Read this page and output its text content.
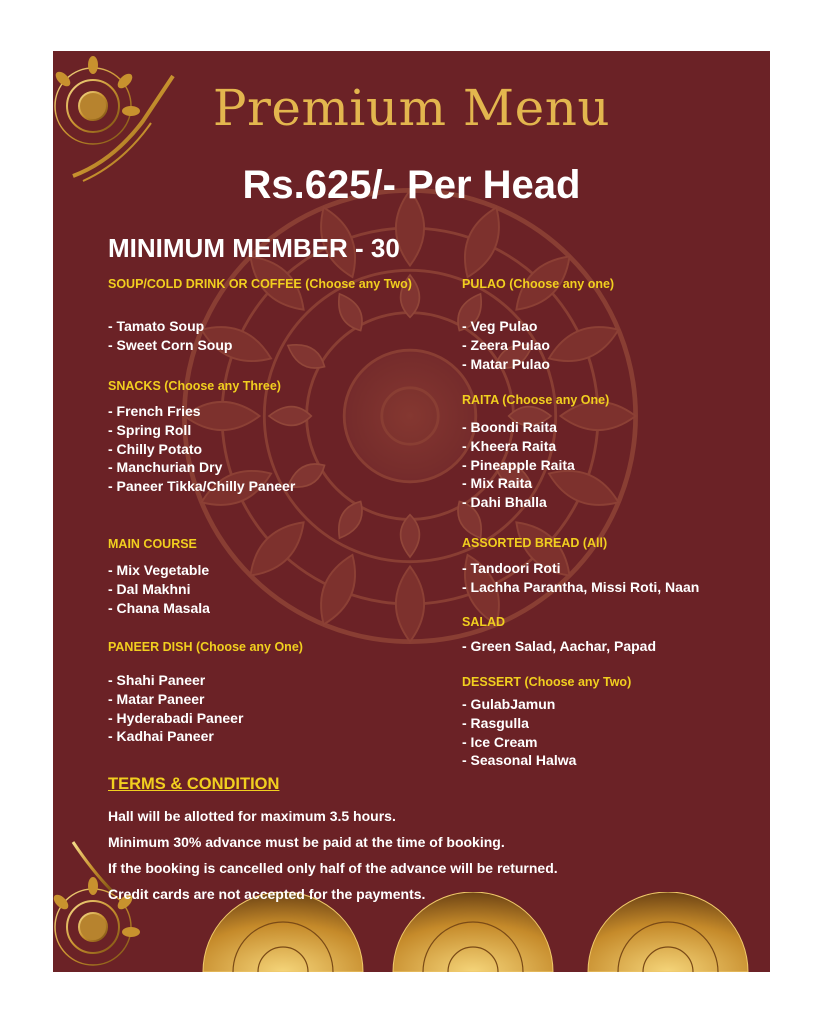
Premium Menu
Rs.625/- Per Head
MINIMUM MEMBER - 30
SOUP/COLD DRINK OR COFFEE (Choose any Two)
- Tamato Soup
- Sweet Corn Soup
SNACKS (Choose any Three)
- French Fries
- Spring Roll
- Chilly Potato
- Manchurian Dry
- Paneer Tikka/Chilly Paneer
MAIN COURSE
- Mix Vegetable
- Dal Makhni
- Chana Masala
PANEER DISH (Choose any One)
- Shahi Paneer
- Matar Paneer
- Hyderabadi Paneer
- Kadhai Paneer
PULAO (Choose any one)
- Veg Pulao
- Zeera Pulao
- Matar Pulao
RAITA (Choose any One)
- Boondi Raita
- Kheera Raita
- Pineapple Raita
- Mix Raita
- Dahi Bhalla
ASSORTED BREAD (All)
- Tandoori Roti
- Lachha Parantha, Missi Roti, Naan
SALAD
- Green Salad, Aachar, Papad
DESSERT (Choose any Two)
- GulabJamun
- Rasgulla
- Ice Cream
- Seasonal Halwa
TERMS & CONDITION
Hall will be allotted for maximum 3.5 hours.
Minimum 30% advance must be paid at the time of booking.
If the booking is cancelled only half of the advance will be returned.
Credit cards are not accepted for the payments.
